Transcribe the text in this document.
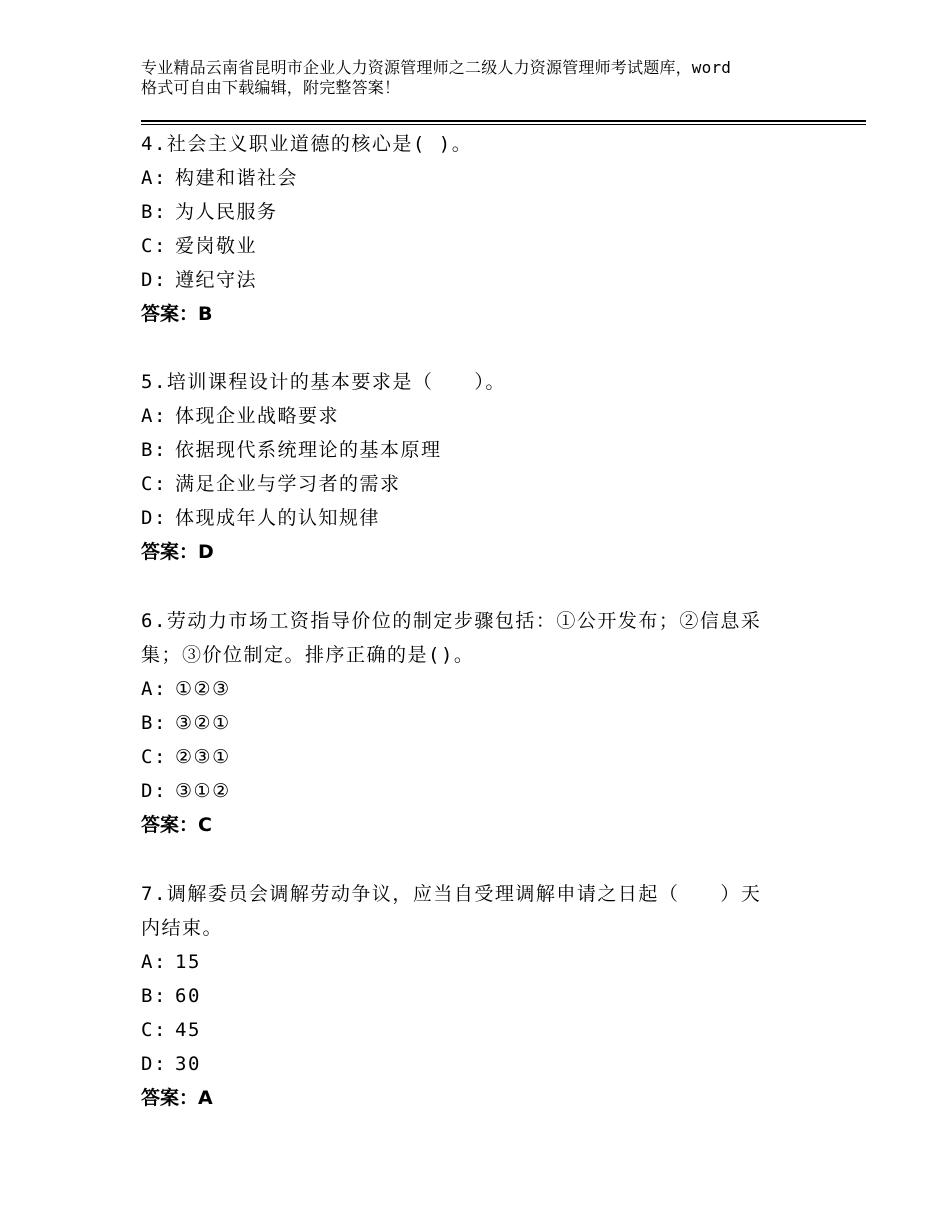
专业精品云南省昆明市企业人力资源管理师之二级人力资源管理师考试题库，word
格式可自由下载编辑，附完整答案！
4.社会主义职业道德的核心是( )。
A: 构建和谐社会
B: 为人民服务
C: 爱岗敬业
D: 遵纪守法
答案：B
5.培训课程设计的基本要求是（　　）。
A: 体现企业战略要求
B: 依据现代系统理论的基本原理
C: 满足企业与学习者的需求
D: 体现成年人的认知规律
答案：D
6.劳动力市场工资指导价位的制定步骤包括：①公开发布；②信息采
集；③价位制定。排序正确的是()。
A: ①②③
B: ③②①
C: ②③①
D: ③①②
答案：C
7.调解委员会调解劳动争议，应当自受理调解申请之日起（　　）天
内结束。
A: 15
B: 60
C: 45
D: 30
答案：A
